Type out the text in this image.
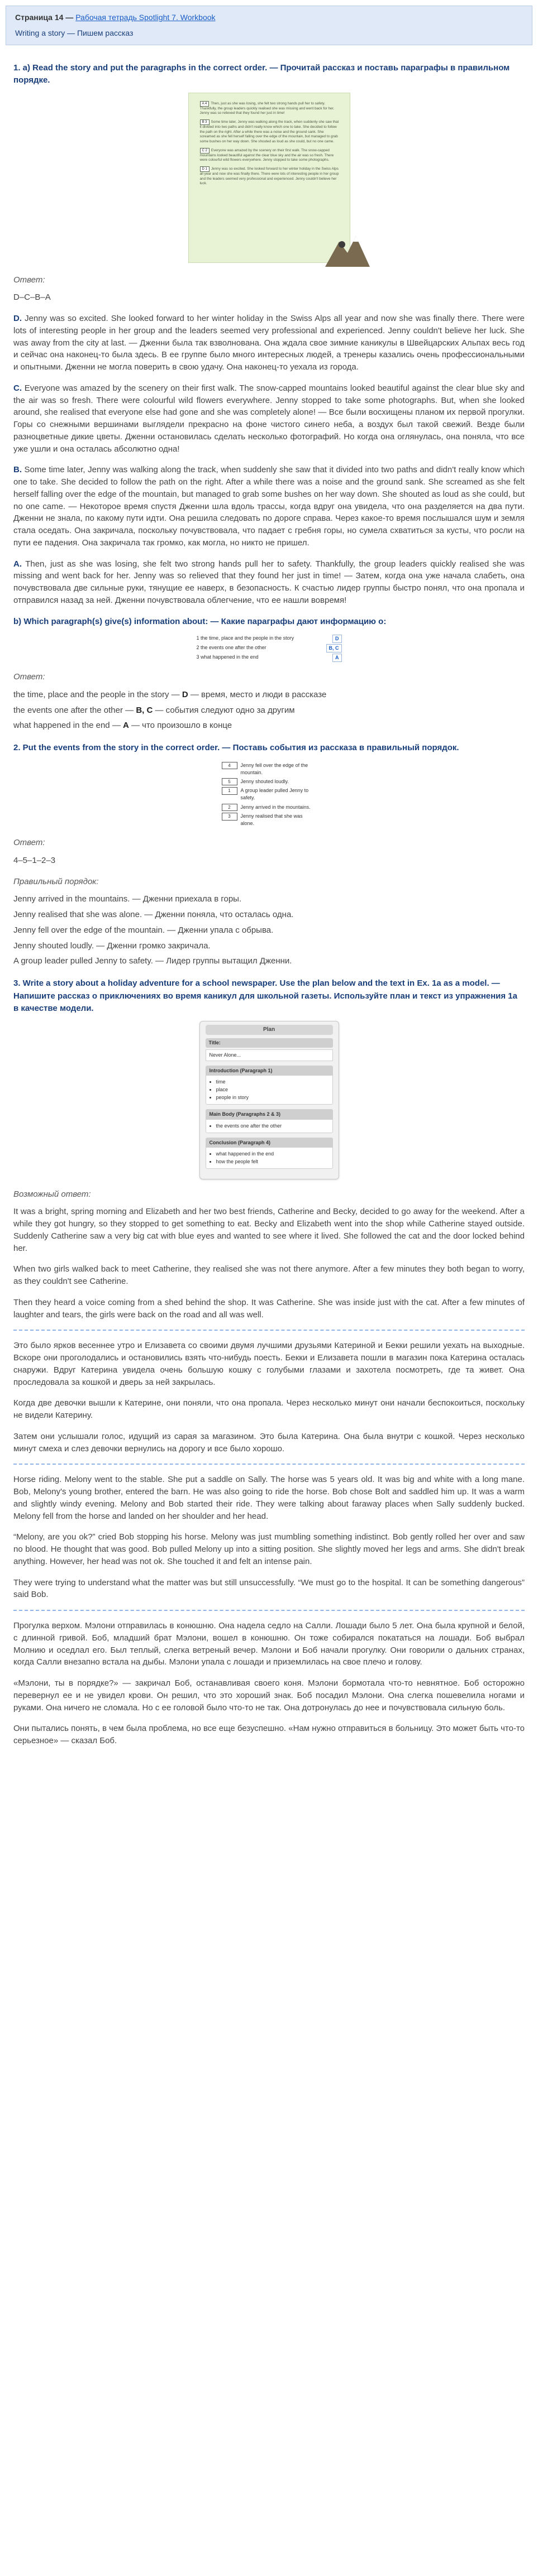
Страница 14 — Рабочая тетрадь Spotlight 7. Workbook
Writing a story — Пишем рассказ
1. a) Read the story and put the paragraphs in the correct order. — Прочитай рассказ и поставь параграфы в правильном порядке.
A 4 Then, just as she was losing, she felt two strong hands pull her to safety. Thankfully, the group leaders quickly realised she was missing and went back for her. Jenny was so relieved that they found her just in time!
B 3 Some time later, Jenny was walking along the track, when suddenly she saw that it divided into two paths and didn't really know which one to take. She decided to follow the path on the right. After a while there was a noise and the ground sank. She screamed as she fell herself falling over the edge of the mountain, but managed to grab some bushes on her way down. She shouted as loud as she could, but no one came.
C 2 Everyone was amazed by the scenery on their first walk. The snow-capped mountains looked beautiful against the clear blue sky and the air was so fresh. There were colourful wild flowers everywhere. Jenny stopped to take some photographs.
D 1 Jenny was so excited. She looked forward to her winter holiday in the Swiss Alps all year and now she was finally there. There were lots of interesting people in her group and the leaders seemed very professional and experienced. Jenny couldn't believe her luck.
Ответ:
D–C–B–A

D. Jenny was so excited. She looked forward to her winter holiday in the Swiss Alps all year and now she was finally there. There were lots of interesting people in her group and the leaders seemed very professional and experienced. Jenny couldn't believe her luck. She was away from the city at last. — Дженни была так взволнована. Она ждала свое зимние каникулы в Швейцарских Альпах весь год и сейчас она наконец-то была здесь. В ее группе было много интересных людей, а тренеры казались очень профессиональными и опытными. Дженни не могла поверить в свою удачу. Она наконец-то уехала из города.

C. Everyone was amazed by the scenery on their first walk. The snow-capped mountains looked beautiful against the clear blue sky and the air was so fresh. There were colourful wild flowers everywhere. Jenny stopped to take some photographs. But, when she looked around, she realised that everyone else had gone and she was completely alone! — Все были восхищены планом их первой прогулки. Горы со снежными вершинами выглядели прекрасно на фоне чистого синего неба, а воздух был такой свежий. Везде были разноцветные дикие цветы. Дженни остановилась сделать несколько фотографий. Но когда она оглянулась, она поняла, что все уже ушли и она осталась абсолютно одна!

B. Some time later, Jenny was walking along the track, when suddenly she saw that it divided into two paths and didn't really know which one to take. She decided to follow the path on the right. After a while there was a noise and the ground sank. She screamed as she felt herself falling over the edge of the mountain, but managed to grab some bushes on her way down. She shouted as loud as she could, but no one came. — Некоторое время спустя Дженни шла вдоль трассы, когда вдруг она увидела, что она разделяется на два пути. Дженни не знала, по какому пути идти. Она решила следовать по дороге справа. Через какое-то время послышался шум и земля стала оседать. Она закричала, поскольку почувствовала, что падает с гребня горы, но сумела схватиться за кусты, что росли на пути ее падения. Она закричала так громко, как могла, но никто не пришел.

A. Then, just as she was losing, she felt two strong hands pull her to safety. Thankfully, the group leaders quickly realised she was missing and went back for her. Jenny was so relieved that they found her just in time! — Затем, когда она уже начала слабеть, она почувствовала две сильные руки, тянущие ее наверх, в безопасность. К счастью лидер группы быстро понял, что она пропала и отправился назад за ней. Дженни почувствовала облегчение, что ее нашли вовремя!

b) Which paragraph(s) give(s) information about: — Какие параграфы дают информацию о:
1 the time, place and the people in the story	D
2 the events one after the other	B, C
3 what happened in the end	A
Ответ:
the time, place and the people in the story — D — время, место и люди в рассказе
the events one after the other — B, C — события следуют одно за другим
what happened in the end — A — что произошло в конце
2. Put the events from the story in the correct order. — Поставь события из рассказа в правильный порядок.
4	Jenny fell over the edge of the mountain.
5	Jenny shouted loudly.
1	A group leader pulled Jenny to safety.
2	Jenny arrived in the mountains.
3	Jenny realised that she was alone.
Ответ:
4–5–1–2–3
Правильный порядок:
Jenny arrived in the mountains. — Дженни приехала в горы.
Jenny realised that she was alone. — Дженни поняла, что осталась одна.
Jenny fell over the edge of the mountain. — Дженни упала с обрыва.
Jenny shouted loudly. — Дженни громко закричала.
A group leader pulled Jenny to safety. — Лидер группы вытащил Дженни.
3. Write a story about a holiday adventure for a school newspaper. Use the plan below and the text in Ex. 1a as a model. — Напишите рассказ о приключениях во время каникул для школьной газеты. Используйте план и текст из упражнения 1а в качестве модели.
Plan
Title:
Never Alone...
Introduction (Paragraph 1)
• time
• place
• people in story
Main Body (Paragraphs 2 & 3)
• the events one after the other
Conclusion (Paragraph 4)
• what happened in the end
• how the people felt
Возможный ответ:

It was a bright, spring morning and Elizabeth and her two best friends, Catherine and Becky, decided to go away for the weekend. After a while they got hungry, so they stopped to get something to eat. Becky and Elizabeth went into the shop while Catherine stayed outside. Suddenly Catherine saw a very big cat with blue eyes and wanted to see where it lived. She followed the cat and the door locked behind her.

When two girls walked back to meet Catherine, they realised she was not there anymore. After a few minutes they both began to worry, as they couldn't see Catherine.

Then they heard a voice coming from a shed behind the shop. It was Catherine. She was inside just with the cat. After a few minutes of laughter and tears, the girls were back on the road and all was well.

Это было ярков весеннее утро и Елизавета со своими двумя лучшими друзьями Катериной и Бекки решили уехать на выходные. Вскоре они проголодались и остановились взять что-нибудь поесть. Бекки и Елизавета пошли в магазин пока Катерина осталась снаружи. Вдруг Катерина увидела очень большую кошку с голубыми глазами и захотела посмотреть, где та живет. Она проследовала за кошкой и дверь за ней закрылась.

Когда две девочки вышли к Катерине, они поняли, что она пропала. Через несколько минут они начали беспокоиться, поскольку не видели Катерину.

Затем они услышали голос, идущий из сарая за магазином. Это была Катерина. Она была внутри с кошкой. Через несколько минут смеха и слез девочки вернулись на дорогу и все было хорошо.

Horse riding. Melony went to the stable. She put a saddle on Sally. The horse was 5 years old. It was big and white with a long mane. Bob, Melony's young brother, entered the barn. He was also going to ride the horse. Bob chose Bolt and saddled him up. It was a warm and slightly windy evening. Melony and Bob started their ride. They were talking about faraway places when Sally suddenly bucked. Melony fell from the horse and landed on her shoulder and her head.

“Melony, are you ok?” cried Bob stopping his horse. Melony was just mumbling something indistinct. Bob gently rolled her over and saw no blood. He thought that was good. Bob pulled Melony up into a sitting position. She slightly moved her legs and arms. She didn't break anything. However, her head was not ok. She touched it and felt an intense pain.

They were trying to understand what the matter was but still unsuccessfully. “We must go to the hospital. It can be something dangerous” said Bob.

Прогулка верхом. Мэлони отправилась в конюшню. Она надела седло на Салли. Лошади было 5 лет. Она была крупной и белой, с длинной гривой. Боб, младший брат Мэлони, вошел в конюшню. Он тоже собирался покататься на лошади. Боб выбрал Молнию и оседлал его. Был теплый, слегка ветреный вечер. Мэлони и Боб начали прогулку. Они говорили о дальних странах, когда Салли внезапно встала на дыбы. Мэлони упала с лошади и приземлилась на свое плечо и голову.

«Мэлони, ты в порядке?» — закричал Боб, останавливая своего коня. Мэлони бормотала что-то невнятное. Боб осторожно перевернул ее и не увидел крови. Он решил, что это хороший знак. Боб посадил Мэлони. Она слегка пошевелила ногами и руками. Она ничего не сломала. Но с ее головой было что-то не так. Она дотронулась до нее и почувствовала сильную боль.

Они пытались понять, в чем была проблема, но все еще безуспешно. «Нам нужно отправиться в больницу. Это может быть что-то серьезное» — сказал Боб.
